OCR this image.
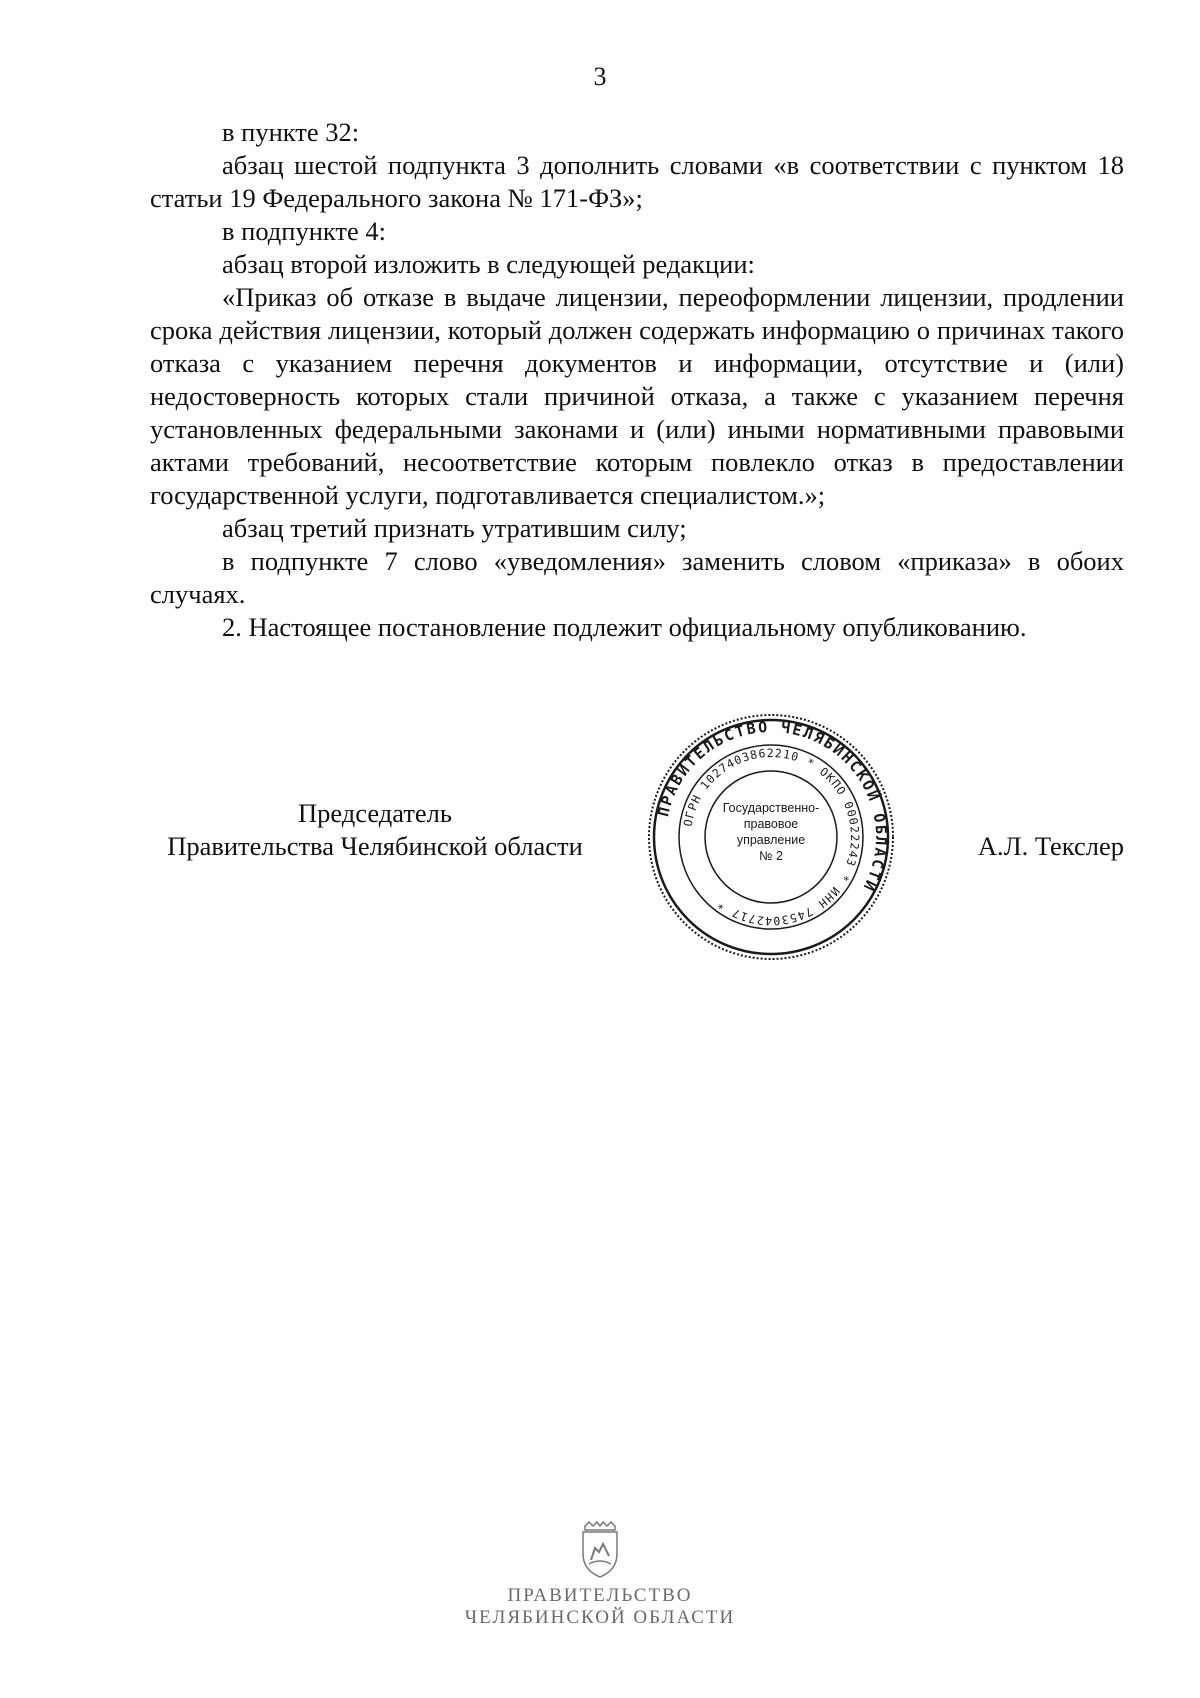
3

в пункте 32:

абзац шестой подпункта 3 дополнить словами «в соответствии с пунктом 18 статьи 19 Федерального закона № 171-ФЗ»;

в подпункте 4:

абзац второй изложить в следующей редакции:

«Приказ об отказе в выдаче лицензии, переоформлении лицензии, продлении срока действия лицензии, который должен содержать информацию о причинах такого отказа с указанием перечня документов и информации, отсутствие и (или) недостоверность которых стали причиной отказа, а также с указанием перечня установленных федеральными законами и (или) иными нормативными правовыми актами требований, несоответствие которым повлекло отказ в предоставлении государственной услуги, подготавливается специалистом.»;

абзац третий признать утратившим силу;

в подпункте 7 слово «уведомления» заменить словом «приказа» в обоих случаях.

2. Настоящее постановление подлежит официальному опубликованию.

Председатель
Правительства Челябинской области	А.Л. Текслер
ПРАВИТЕЛЬСТВО ЧЕЛЯБИНСКОЙ ОБЛАСТИ
ОГРН 1027403862210 * ОКПО 00022243 * ИНН 7453042717 *
Государственно-
правовое
управление
№ 2
ПРАВИТЕЛЬСТВО
ЧЕЛЯБИНСКОЙ ОБЛАСТИ
